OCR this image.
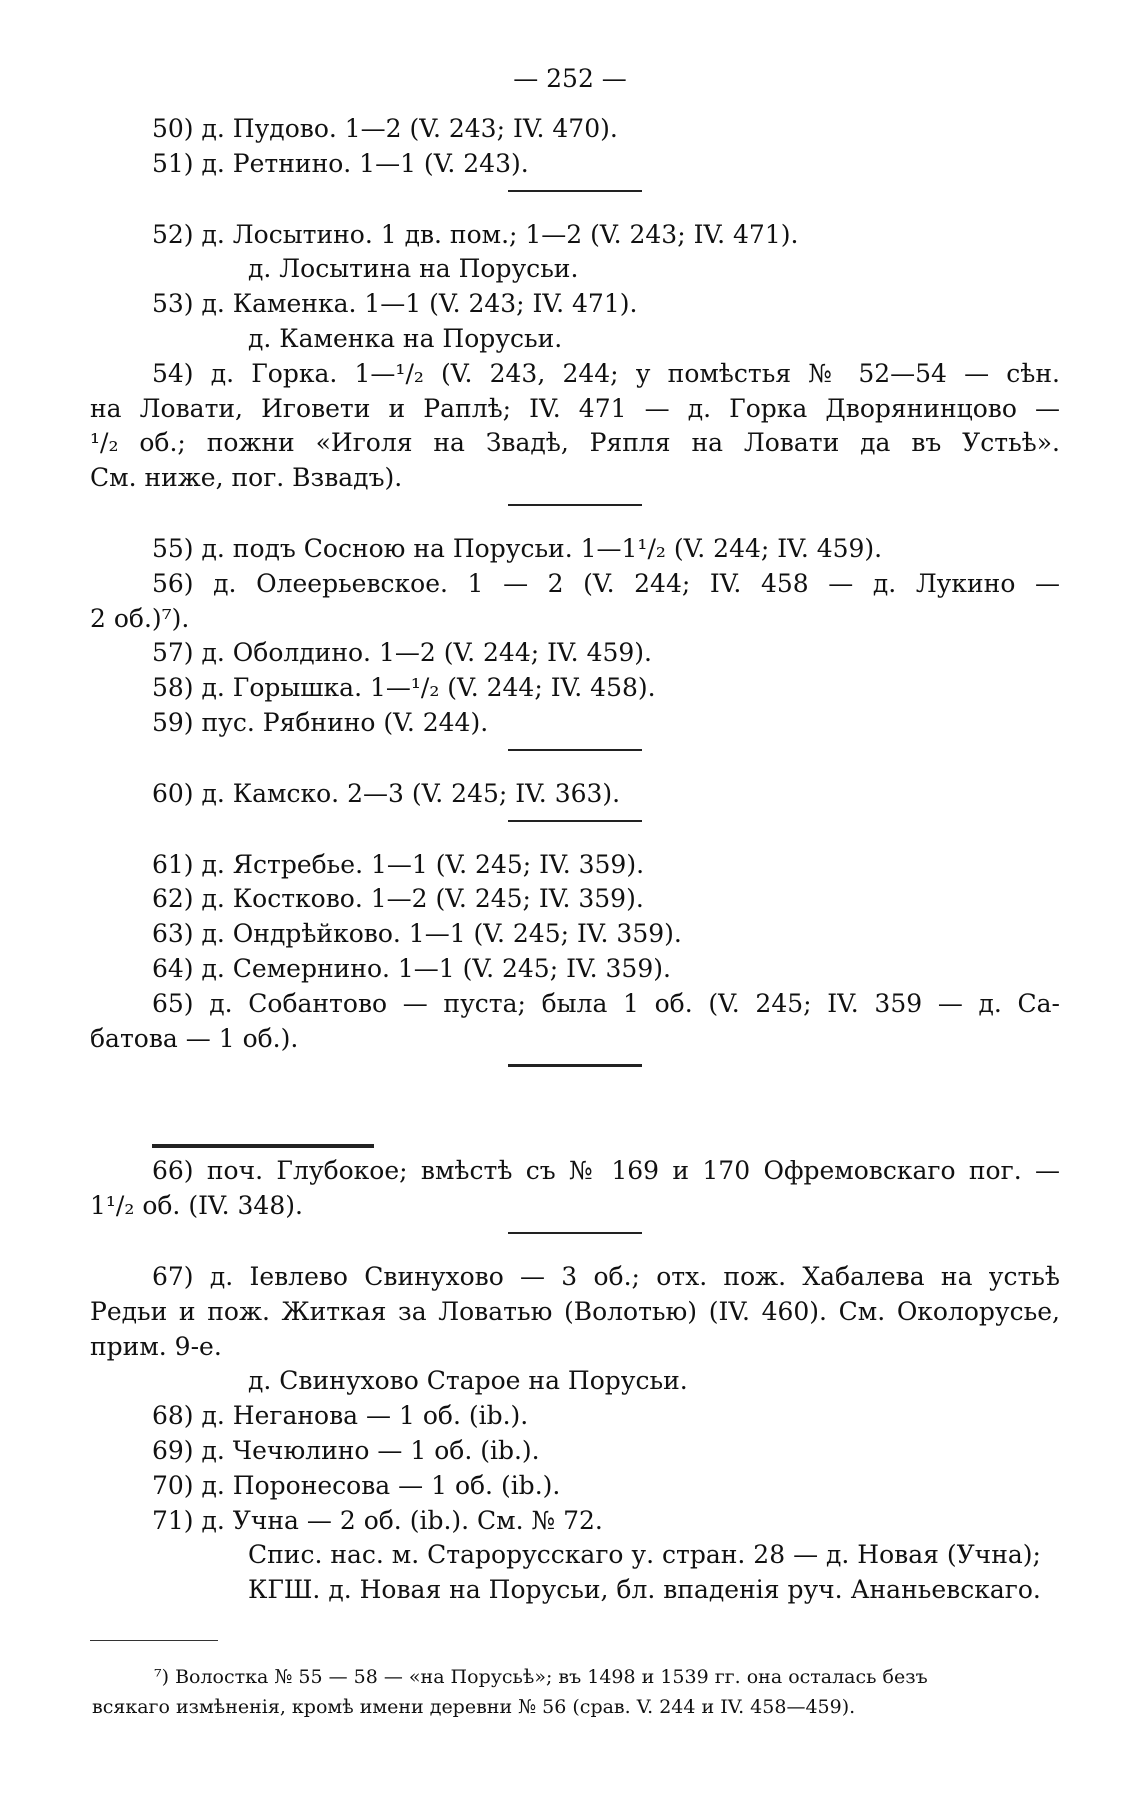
— 252 —
50) д. Пудово. 1—2 (V. 243; IV. 470).
51) д. Ретнино. 1—1 (V. 243).
52) д. Лосытино. 1 дв. пом.; 1—2 (V. 243; IV. 471).
д. Лосытина на Порусьи.
53) д. Каменка. 1—1 (V. 243; IV. 471).
д. Каменка на Порусьи.
54) д. Горка. 1—¹/₂ (V. 243, 244; у помѣстья № 52—54 — сѣн.
на Ловати, Иговети и Раплѣ; IV. 471 — д. Горка Дворянинцово —
¹/₂ об.; пожни «Иголя на Звадѣ, Ряпля на Ловати да въ Устьѣ».
См. ниже, пог. Взвадъ).
55) д. подъ Сосною на Порусьи. 1—1¹/₂ (V. 244; IV. 459).
56) д. Олеерьевское. 1 — 2 (V. 244; IV. 458 — д. Лукино —
2 об.)⁷).
57) д. Оболдино. 1—2 (V. 244; IV. 459).
58) д. Горышка. 1—¹/₂ (V. 244; IV. 458).
59) пус. Рябнино (V. 244).
60) д. Камско. 2—3 (V. 245; IV. 363).
61) д. Ястребье. 1—1 (V. 245; IV. 359).
62) д. Костково. 1—2 (V. 245; IV. 359).
63) д. Ондрѣйково. 1—1 (V. 245; IV. 359).
64) д. Семернино. 1—1 (V. 245; IV. 359).
65) д. Собантово — пуста; была 1 об. (V. 245; IV. 359 — д. Са-
батова — 1 об.).
66) поч. Глубокое; вмѣстѣ съ № 169 и 170 Офремовскаго пог. —
1¹/₂ об. (IV. 348).
67) д. Іевлево Свинухово — 3 об.; отх. пож. Хабалева на устьѣ
Редьи и пож. Житкая за Ловатью (Волотью) (IV. 460). См. Околорусье,
прим. 9-е.
д. Свинухово Старое на Порусьи.
68) д. Неганова — 1 об. (ib.).
69) д. Чечюлино — 1 об. (ib.).
70) д. Поронесова — 1 об. (ib.).
71) д. Учна — 2 об. (ib.). См. № 72.
Спис. нас. м. Старорусскаго у. стран. 28 — д. Новая (Учна);
КГШ. д. Новая на Порусьи, бл. впаденія руч. Ананьевскаго.
⁷) Волостка № 55 — 58 — «на Порусьѣ»; въ 1498 и 1539 гг. она осталась безъ
всякаго измѣненія, кромѣ имени деревни № 56 (срав. V. 244 и IV. 458—459).
